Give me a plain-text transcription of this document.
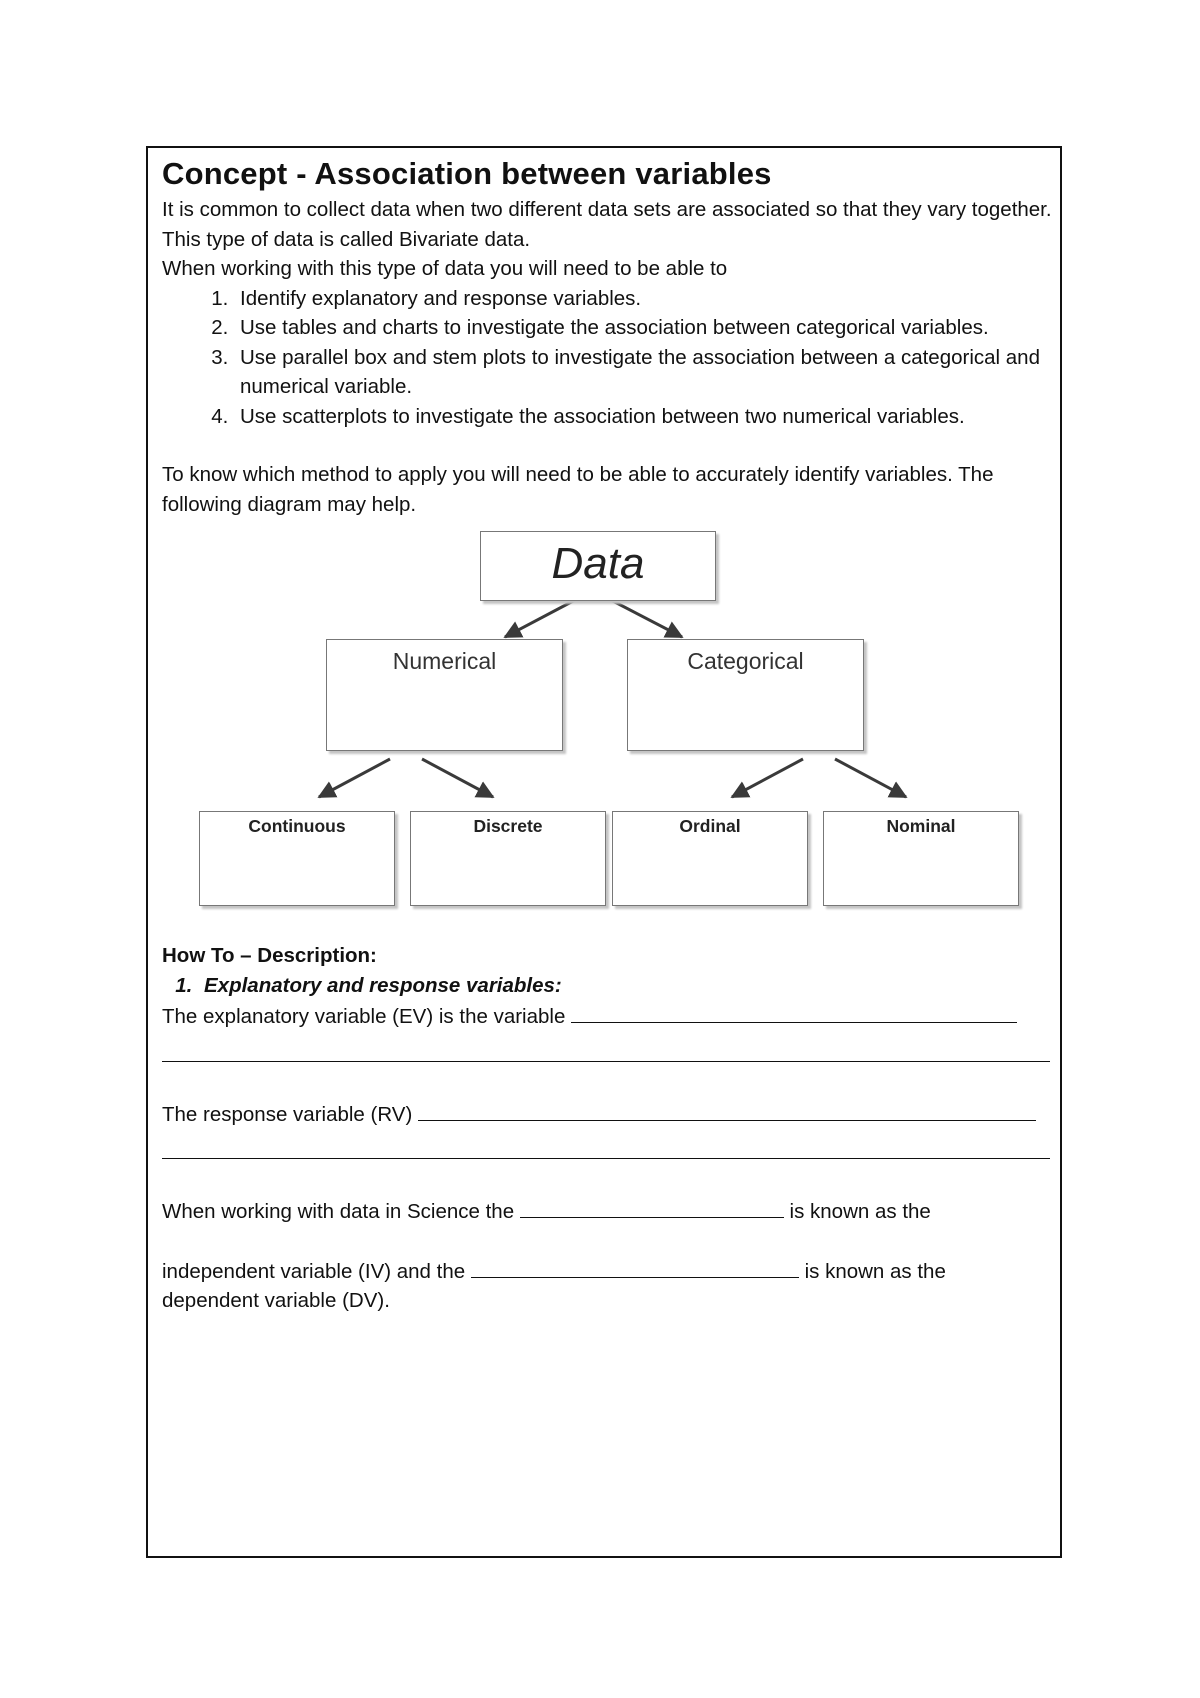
Concept - Association between variables

It is common to collect data when two different data sets are associated so that they vary together. This type of data is called Bivariate data.

When working with this type of data you will need to be able to

1. Identify explanatory and response variables.
2. Use tables and charts to investigate the association between categorical variables.
3. Use parallel box and stem plots to investigate the association between a categorical and numerical variable.
4. Use scatterplots to investigate the association between two numerical variables.

To know which method to apply you will need to be able to accurately identify variables. The following diagram may help.

Data
Numerical	Categorical
Continuous	Discrete	Ordinal	Nominal

How To – Description:

1. Explanatory and response variables:

The explanatory variable (EV) is the variable

The response variable (RV)

When working with data in Science the	is known as the

independent variable (IV) and the	is known as the

dependent variable (DV).
